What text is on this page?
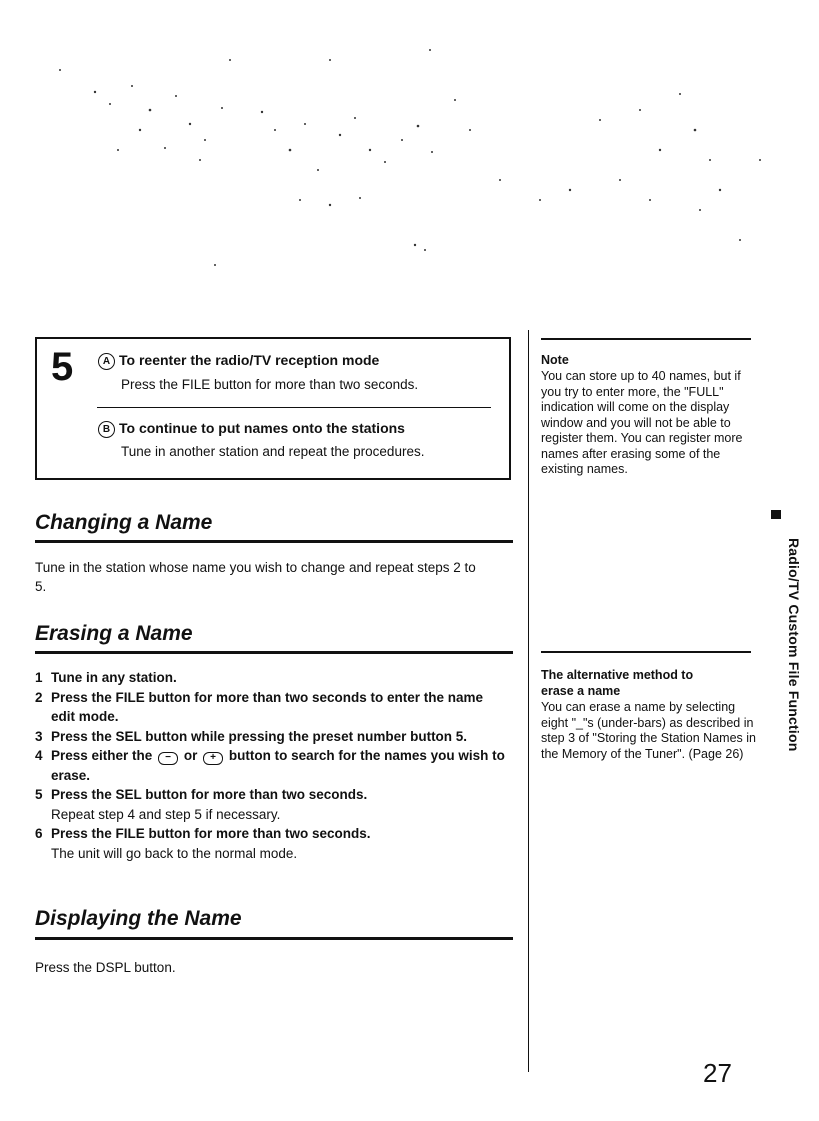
5	A To reenter the radio/TV reception mode
Press the FILE button for more than two seconds.
B To continue to put names onto the stations
Tune in another station and repeat the procedures.
Changing a Name
Tune in the station whose name you wish to change and repeat steps 2 to 5.
Erasing a Name
1 Tune in any station.
2 Press the FILE button for more than two seconds to enter the name edit mode.
3 Press the SEL button while pressing the preset number button 5.
4 Press either the − or + button to search for the names you wish to erase.
5 Press the SEL button for more than two seconds.
Repeat step 4 and step 5 if necessary.
6 Press the FILE button for more than two seconds.
The unit will go back to the normal mode.
Displaying the Name
Press the DSPL button.
Note
You can store up to 40 names, but if you try to enter more, the "FULL" indication will come on the display window and you will not be able to register them. You can register more names after erasing some of the existing names.
The alternative method to erase a name
You can erase a name by selecting eight "_"s (under-bars) as described in step 3 of "Storing the Station Names in the Memory of the Tuner". (Page 26)
Radio/TV Custom File Function
27
